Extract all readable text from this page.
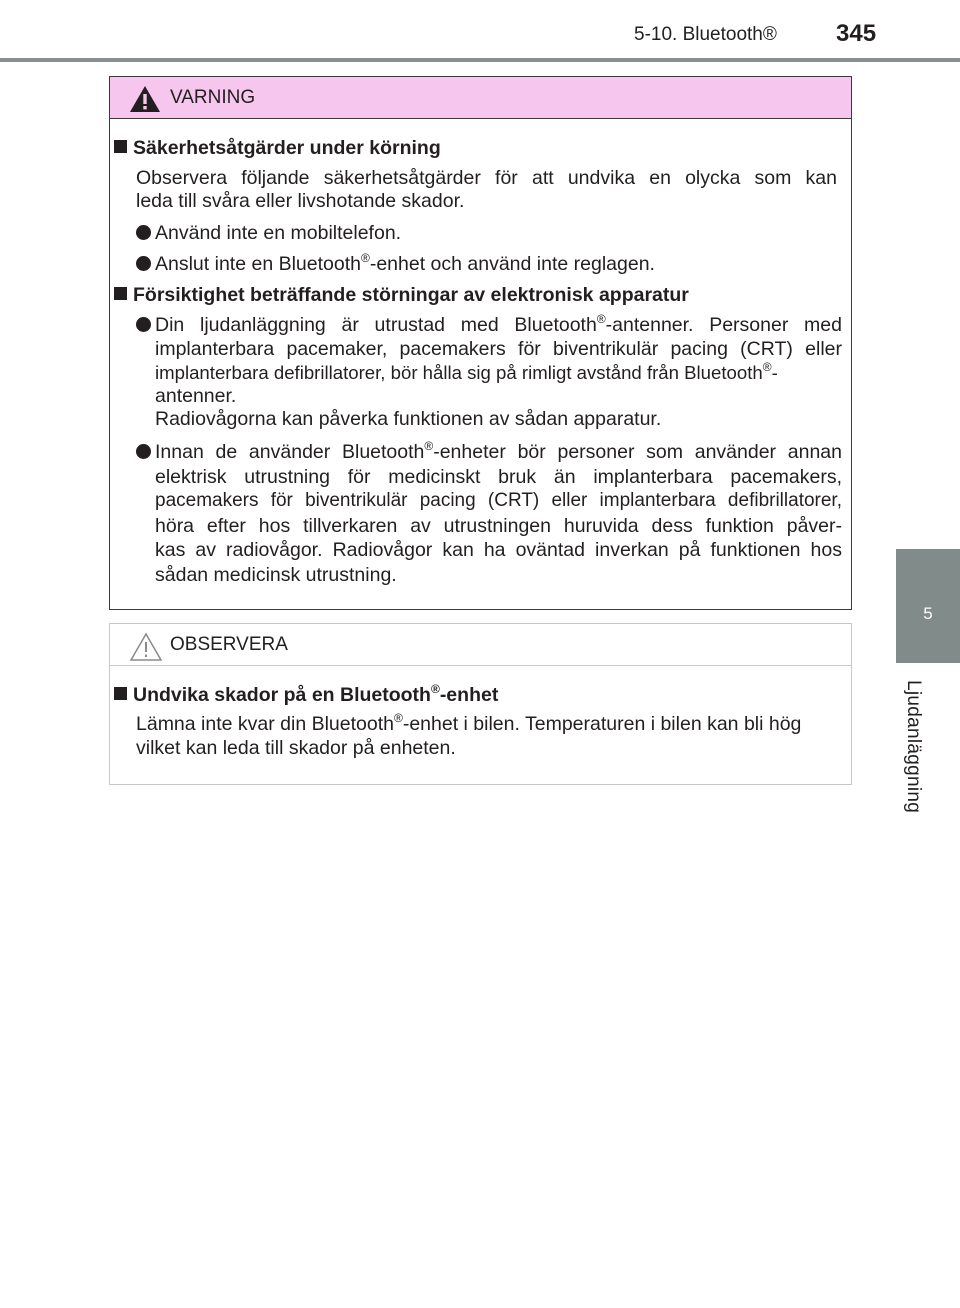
5-10. Bluetooth® 345
5
Ljudanläggning
VARNING
Säkerhetsåtgärder under körning
Observera följande säkerhetsåtgärder för att undvika en olycka som kan
leda till svåra eller livshotande skador.
Använd inte en mobiltelefon.
Anslut inte en Bluetooth®-enhet och använd inte reglagen.
Försiktighet beträffande störningar av elektronisk apparatur
Din ljudanläggning är utrustad med Bluetooth®-antenner. Personer med
implanterbara pacemaker, pacemakers för biventrikulär pacing (CRT) eller
implanterbara defibrillatorer, bör hålla sig på rimligt avstånd från Bluetooth®-
antenner.
Radiovågorna kan påverka funktionen av sådan apparatur.
Innan de använder Bluetooth®-enheter bör personer som använder annan
elektrisk utrustning för medicinskt bruk än implanterbara pacemakers,
pacemakers för biventrikulär pacing (CRT) eller implanterbara defibrillatorer,
höra efter hos tillverkaren av utrustningen huruvida dess funktion påver-
kas av radiovågor. Radiovågor kan ha oväntad inverkan på funktionen hos
sådan medicinsk utrustning.
OBSERVERA
Undvika skador på en Bluetooth®-enhet
Lämna inte kvar din Bluetooth®-enhet i bilen. Temperaturen i bilen kan bli hög
vilket kan leda till skador på enheten.
